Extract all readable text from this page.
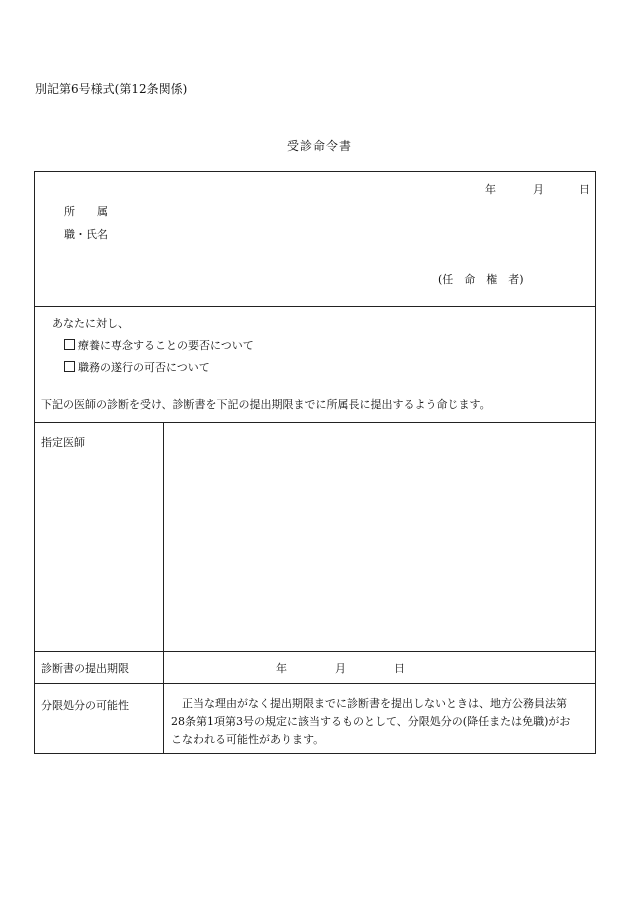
別記第6号様式(第12条関係)
受診命令書
年	月	日
所　　属
職・氏名
(任　命　権　者)
あなたに対し、
療養に専念することの要否について
職務の遂行の可否について
下記の医師の診断を受け、診断書を下記の提出期限までに所属長に提出するよう命じます。
指定医師
診断書の提出期限	年	月	日
分限処分の可能性	　正当な理由がなく提出期限までに診断書を提出しないときは、地方公務員法第
28条第1項第3号の規定に該当するものとして、分限処分の(降任または免職)がお
こなわれる可能性があります。
